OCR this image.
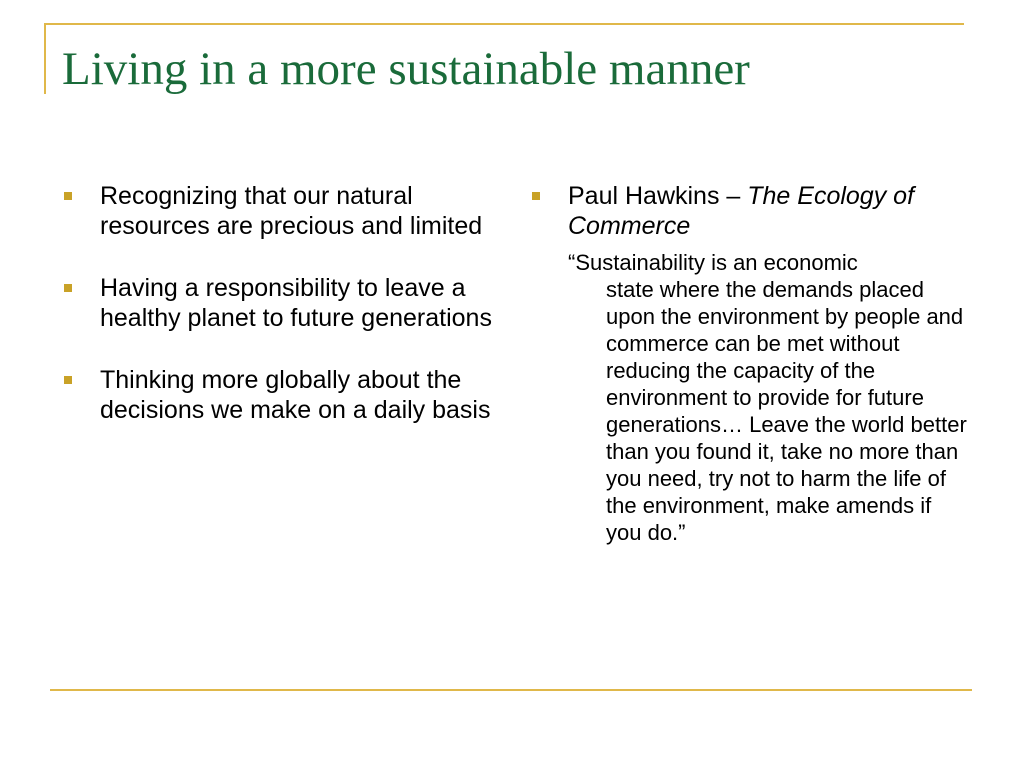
Living in a more sustainable manner
Recognizing that our natural resources are precious and limited
Having a responsibility to leave a healthy planet to future generations
Thinking more globally about the decisions we make on a daily basis
Paul Hawkins – The Ecology of Commerce
“Sustainability is an economic
state where the demands placed upon the environment by people and commerce can be met without reducing the capacity of the environment to provide for future generations… Leave the world better than you found it, take no more than you need, try not to harm the life of the environment, make amends if you do.”
